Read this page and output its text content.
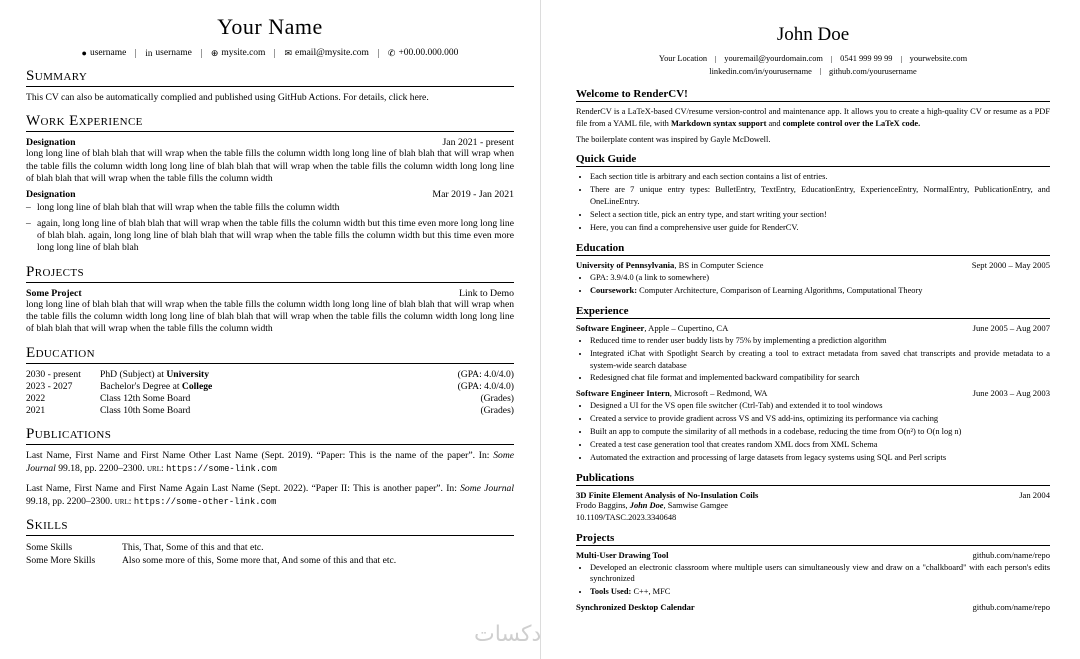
Your Name
● username in username ⊕ mysite.com ✉ email@mysite.com ✆ +00.00.000.000
Summary
This CV can also be automatically complied and published using GitHub Actions. For details, click here.
Work Experience
Designation	Jan 2021 - present
long long line of blah blah that will wrap when the table fills the column width long long line of blah blah that will wrap when the table fills the column width long long line of blah blah that will wrap when the table fills the column width long long line of blah blah that will wrap when the table fills the column width
Designation	Mar 2019 - Jan 2021
– long long line of blah blah that will wrap when the table fills the column width
– again, long long line of blah blah that will wrap when the table fills the column width but this time even more long long line of blah blah. again, long long line of blah blah that will wrap when the table fills the column width but this time even more long long line of blah blah
Projects
Some Project	Link to Demo
long long line of blah blah that will wrap when the table fills the column width long long line of blah blah that will wrap when the table fills the column width long long line of blah blah that will wrap when the table fills the column width long long line of blah blah that will wrap when the table fills the column width
Education
2030 - present	PhD (Subject) at University	(GPA: 4.0/4.0)
2023 - 2027	Bachelor's Degree at College	(GPA: 4.0/4.0)
2022	Class 12th Some Board	(Grades)
2021	Class 10th Some Board	(Grades)
Publications
Last Name, First Name and First Name Other Last Name (Sept. 2019). “Paper: This is the name of the paper”. In: Some Journal 99.18, pp. 2200–2300. url: https://some-link.com
Last Name, First Name and First Name Again Last Name (Sept. 2022). “Paper II: This is another paper”. In: Some Journal 99.18, pp. 2200–2300. url: https://some-other-link.com
Skills
Some Skills	This, That, Some of this and that etc.
Some More Skills	Also some more of this, Some more that, And some of this and that etc.
John Doe
Your Location youremail@yourdomain.com 0541 999 99 99 yourwebsite.com
linkedin.com/in/yourusername github.com/yourusername
Welcome to RenderCV!
RenderCV is a LaTeX-based CV/resume version-control and maintenance app. It allows you to create a high-quality CV or resume as a PDF file from a YAML file, with Markdown syntax support and complete control over the LaTeX code.
The boilerplate content was inspired by Gayle McDowell.
Quick Guide
• Each section title is arbitrary and each section contains a list of entries.
• There are 7 unique entry types: BulletEntry, TextEntry, EducationEntry, ExperienceEntry, NormalEntry, PublicationEntry, and OneLineEntry.
• Select a section title, pick an entry type, and start writing your section!
• Here, you can find a comprehensive user guide for RenderCV.
Education
University of Pennsylvania, BS in Computer Science	Sept 2000 – May 2005
• GPA: 3.9/4.0 (a link to somewhere)
• Coursework: Computer Architecture, Comparison of Learning Algorithms, Computational Theory
Experience
Software Engineer, Apple – Cupertino, CA	June 2005 – Aug 2007
• Reduced time to render user buddy lists by 75% by implementing a prediction algorithm
• Integrated iChat with Spotlight Search by creating a tool to extract metadata from saved chat transcripts and provide metadata to a system-wide search database
• Redesigned chat file format and implemented backward compatibility for search
Software Engineer Intern, Microsoft – Redmond, WA	June 2003 – Aug 2003
• Designed a UI for the VS open file switcher (Ctrl-Tab) and extended it to tool windows
• Created a service to provide gradient across VS and VS add-ins, optimizing its performance via caching
• Built an app to compute the similarity of all methods in a codebase, reducing the time from O(n²) to O(n log n)
• Created a test case generation tool that creates random XML docs from XML Schema
• Automated the extraction and processing of large datasets from legacy systems using SQL and Perl scripts
Publications
3D Finite Element Analysis of No-Insulation Coils	Jan 2004
Frodo Baggins, John Doe, Samwise Gamgee
10.1109/TASC.2023.3340648
Projects
Multi-User Drawing Tool	github.com/name/repo
• Developed an electronic classroom where multiple users can simultaneously view and draw on a "chalkboard" with each person's edits synchronized
• Tools Used: C++, MFC
Synchronized Desktop Calendar	github.com/name/repo
دکسات
